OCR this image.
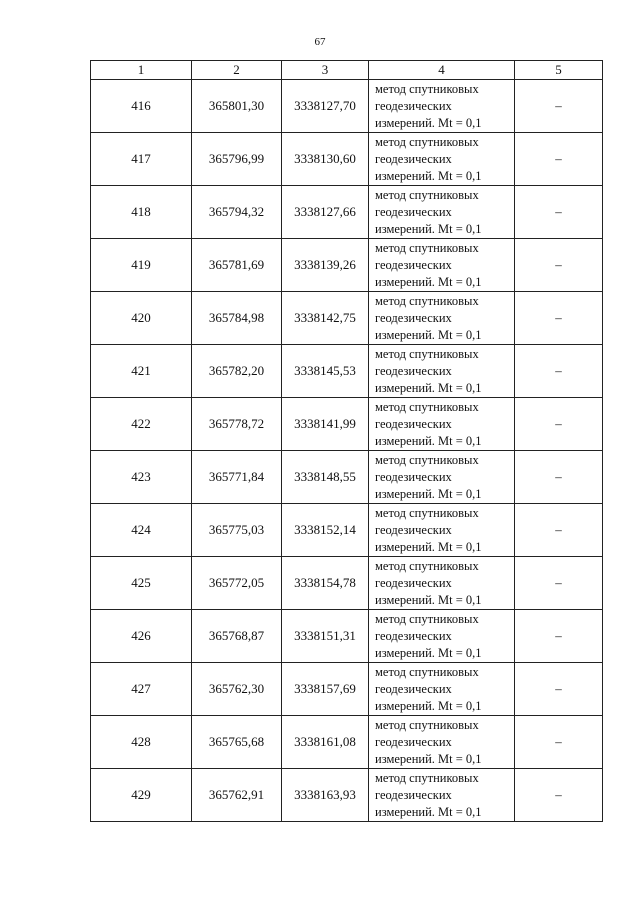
67
1	2	3	4	5
416	365801,30	3338127,70	метод спутниковых
геодезических
измерений. Mt = 0,1	–
417	365796,99	3338130,60	метод спутниковых
геодезических
измерений. Mt = 0,1	–
418	365794,32	3338127,66	метод спутниковых
геодезических
измерений. Mt = 0,1	–
419	365781,69	3338139,26	метод спутниковых
геодезических
измерений. Mt = 0,1	–
420	365784,98	3338142,75	метод спутниковых
геодезических
измерений. Mt = 0,1	–
421	365782,20	3338145,53	метод спутниковых
геодезических
измерений. Mt = 0,1	–
422	365778,72	3338141,99	метод спутниковых
геодезических
измерений. Mt = 0,1	–
423	365771,84	3338148,55	метод спутниковых
геодезических
измерений. Mt = 0,1	–
424	365775,03	3338152,14	метод спутниковых
геодезических
измерений. Mt = 0,1	–
425	365772,05	3338154,78	метод спутниковых
геодезических
измерений. Mt = 0,1	–
426	365768,87	3338151,31	метод спутниковых
геодезических
измерений. Mt = 0,1	–
427	365762,30	3338157,69	метод спутниковых
геодезических
измерений. Mt = 0,1	–
428	365765,68	3338161,08	метод спутниковых
геодезических
измерений. Mt = 0,1	–
429	365762,91	3338163,93	метод спутниковых
геодезических
измерений. Mt = 0,1	–
